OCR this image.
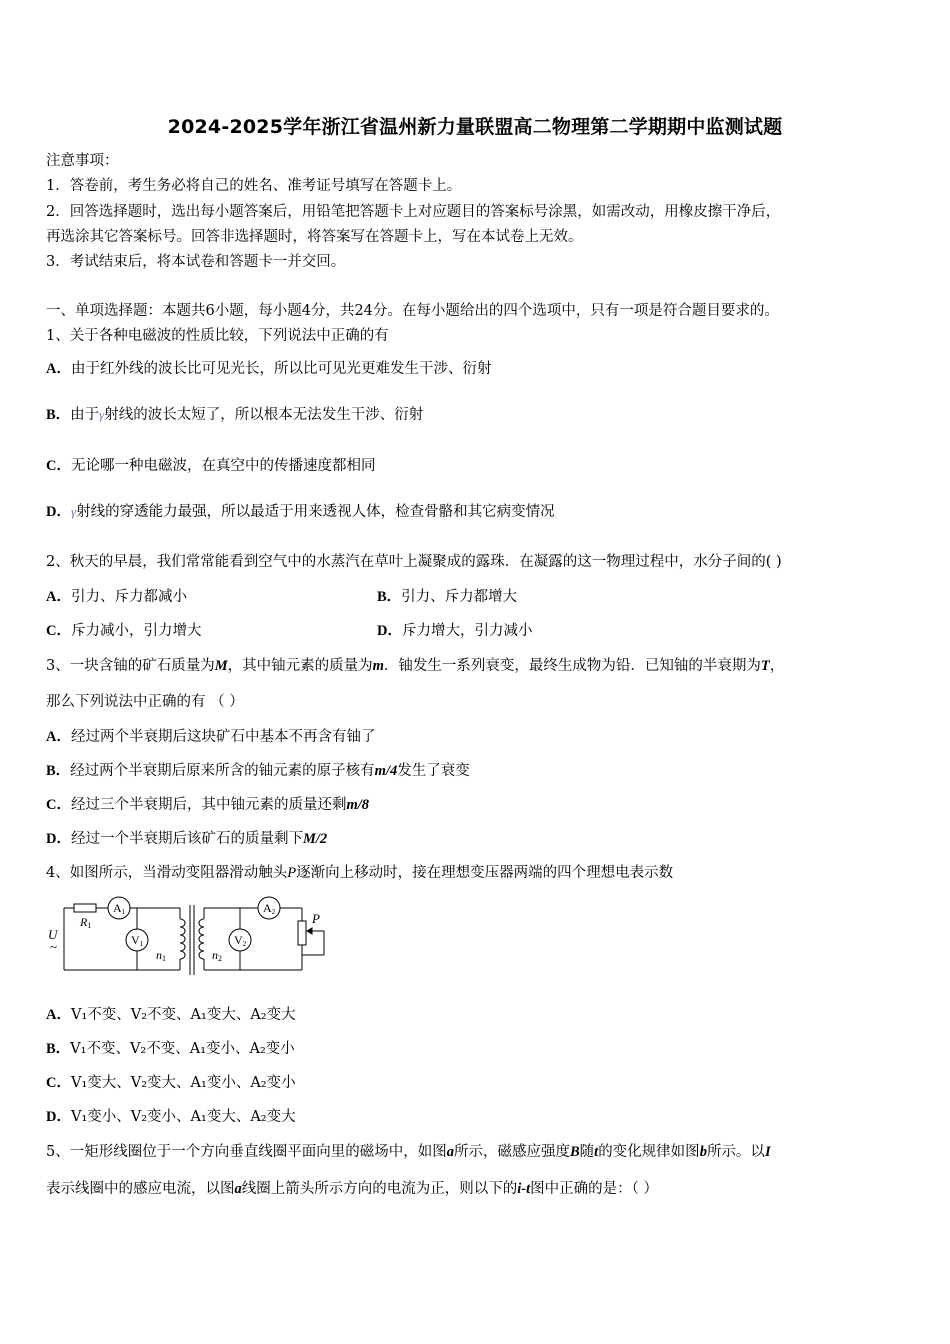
2024-2025学年浙江省温州新力量联盟高二物理第二学期期中监测试题
注意事项：
1．答卷前，考生务必将自己的姓名、准考证号填写在答题卡上。
2．回答选择题时，选出每小题答案后，用铅笔把答题卡上对应题目的答案标号涂黑，如需改动，用橡皮擦干净后，
再选涂其它答案标号。回答非选择题时，将答案写在答题卡上，写在本试卷上无效。
3．考试结束后，将本试卷和答题卡一并交回。
一、单项选择题：本题共6小题，每小题4分，共24分。在每小题给出的四个选项中，只有一项是符合题目要求的。
1、关于各种电磁波的性质比较，下列说法中正确的有
A．由于红外线的波长比可见光长，所以比可见光更难发生干涉、衍射
B．由于γ射线的波长太短了，所以根本无法发生干涉、衍射
C．无论哪一种电磁波，在真空中的传播速度都相同
D．γ射线的穿透能力最强，所以最适于用来透视人体，检查骨骼和其它病变情况
2、秋天的早晨，我们常常能看到空气中的水蒸汽在草叶上凝聚成的露珠．在凝露的这一物理过程中，水分子间的( )
A．引力、斥力都减小	B．引力、斥力都增大
C．斥力减小，引力增大	D．斥力增大，引力减小
3、一块含铀的矿石质量为M，其中铀元素的质量为m．铀发生一系列衰变，最终生成物为铅．已知铀的半衰期为T，
那么下列说法中正确的有 （ ）
A．经过两个半衰期后这块矿石中基本不再含有铀了
B．经过两个半衰期后原来所含的铀元素的原子核有m/4发生了衰变
C．经过三个半衰期后，其中铀元素的质量还剩m/8
D．经过一个半衰期后该矿石的质量剩下M/2
4、如图所示，当滑动变阻器滑动触头P逐渐向上移动时，接在理想变压器两端的四个理想电表示数
R1
A1
V1
n1	n2
A2
V2
U
~
P
A．V₁不变、V₂不变、A₁变大、A₂变大
B．V₁不变、V₂不变、A₁变小、A₂变小
C．V₁变大、V₂变大、A₁变小、A₂变小
D．V₁变小、V₂变小、A₁变大、A₂变大
5、一矩形线圈位于一个方向垂直线圈平面向里的磁场中，如图a所示，磁感应强度B随t的变化规律如图b所示。以I
表示线圈中的感应电流，以图a线圈上箭头所示方向的电流为正，则以下的i-t图中正确的是：（ ）
